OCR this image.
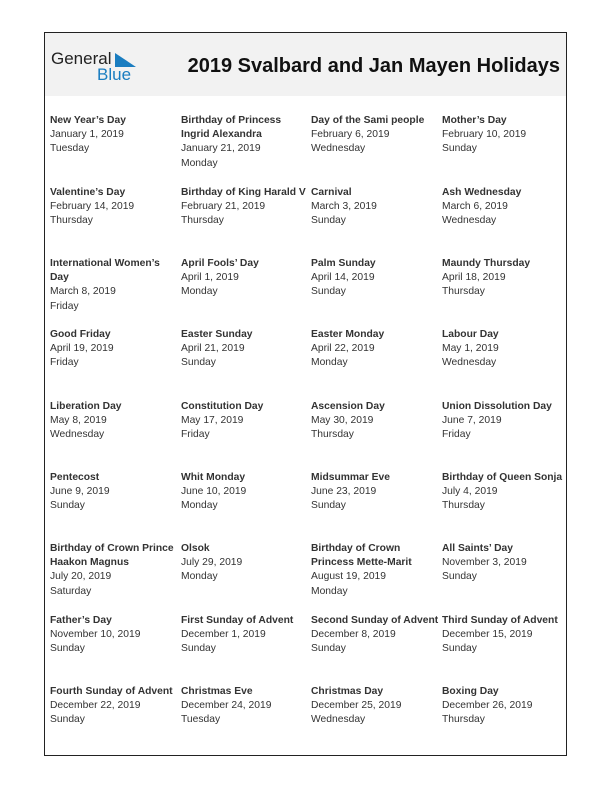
General
Blue	2019 Svalbard and Jan Mayen Holidays
New Year’s Day
January 1, 2019
Tuesday
Birthday of Princess Ingrid Alexandra
January 21, 2019
Monday
Day of the Sami people
February 6, 2019
Wednesday
Mother’s Day
February 10, 2019
Sunday
Valentine’s Day
February 14, 2019
Thursday
Birthday of King Harald V
February 21, 2019
Thursday
Carnival
March 3, 2019
Sunday
Ash Wednesday
March 6, 2019
Wednesday
International Women’s Day
March 8, 2019
Friday
April Fools’ Day
April 1, 2019
Monday
Palm Sunday
April 14, 2019
Sunday
Maundy Thursday
April 18, 2019
Thursday
Good Friday
April 19, 2019
Friday
Easter Sunday
April 21, 2019
Sunday
Easter Monday
April 22, 2019
Monday
Labour Day
May 1, 2019
Wednesday
Liberation Day
May 8, 2019
Wednesday
Constitution Day
May 17, 2019
Friday
Ascension Day
May 30, 2019
Thursday
Union Dissolution Day
June 7, 2019
Friday
Pentecost
June 9, 2019
Sunday
Whit Monday
June 10, 2019
Monday
Midsummar Eve
June 23, 2019
Sunday
Birthday of Queen Sonja
July 4, 2019
Thursday
Birthday of Crown Prince Haakon Magnus
July 20, 2019
Saturday
Olsok
July 29, 2019
Monday
Birthday of Crown Princess Mette-Marit
August 19, 2019
Monday
All Saints’ Day
November 3, 2019
Sunday
Father’s Day
November 10, 2019
Sunday
First Sunday of Advent
December 1, 2019
Sunday
Second Sunday of Advent
December 8, 2019
Sunday
Third Sunday of Advent
December 15, 2019
Sunday
Fourth Sunday of Advent
December 22, 2019
Sunday
Christmas Eve
December 24, 2019
Tuesday
Christmas Day
December 25, 2019
Wednesday
Boxing Day
December 26, 2019
Thursday
